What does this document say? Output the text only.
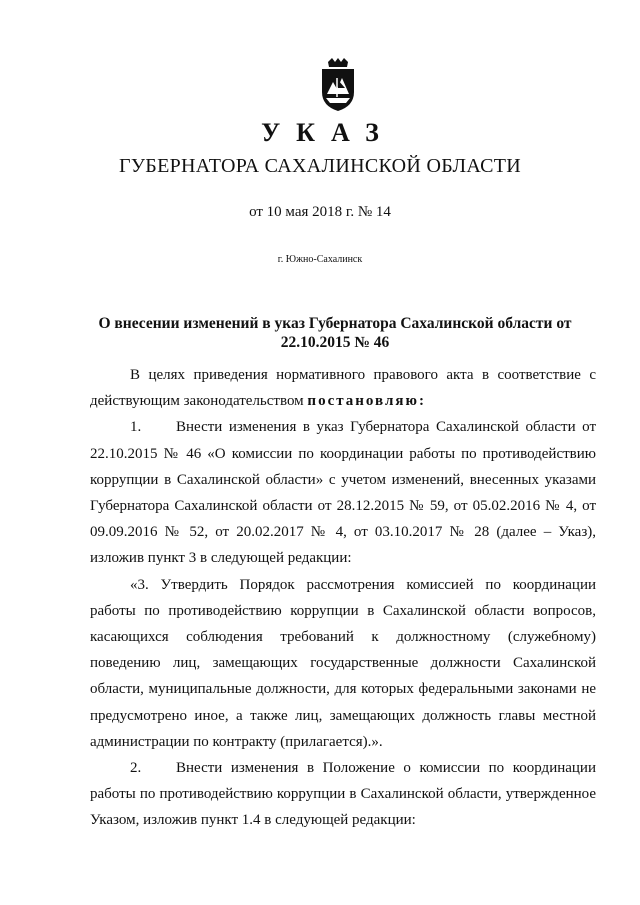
УКАЗ
ГУБЕРНАТОРА САХАЛИНСКОЙ ОБЛАСТИ
от 10 мая 2018 г. № 14
г. Южно-Сахалинск
О внесении изменений в указ Губернатора Сахалинской области от 22.10.2015 № 46

В целях приведения нормативного правового акта в соответствие с действующим законодательством постановляю:

1. Внести изменения в указ Губернатора Сахалинской области от 22.10.2015 № 46 «О комиссии по координации работы по противодействию коррупции в Сахалинской области» с учетом изменений, внесенных указами Губернатора Сахалинской области от 28.12.2015 № 59, от 05.02.2016 № 4, от 09.09.2016 № 52, от 20.02.2017 № 4, от 03.10.2017 № 28 (далее – Указ), изложив пункт 3 в следующей редакции:

«3. Утвердить Порядок рассмотрения комиссией по координации работы по противодействию коррупции в Сахалинской области вопросов, касающихся соблюдения требований к должностному (служебному) поведению лиц, замещающих государственные должности Сахалинской области, муниципальные должности, для которых федеральными законами не предусмотрено иное, а также лиц, замещающих должность главы местной администрации по контракту (прилагается).».

2. Внести изменения в Положение о комиссии по координации работы по противодействию коррупции в Сахалинской области, утвержденное Указом, изложив пункт 1.4 в следующей редакции:
